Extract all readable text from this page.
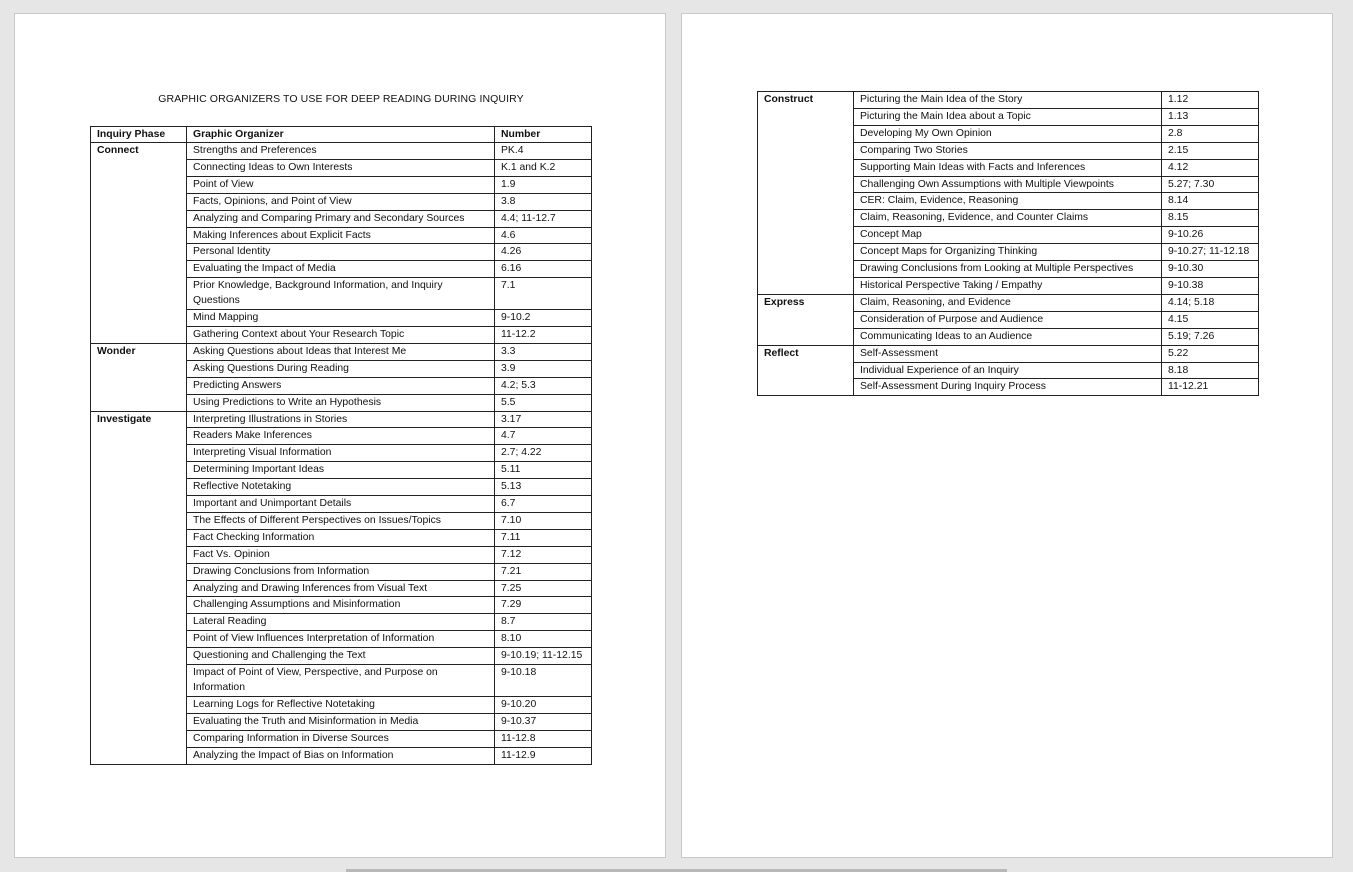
GRAPHIC ORGANIZERS TO USE FOR DEEP READING DURING INQUIRY
Inquiry Phase	Graphic Organizer	Number
Connect	Strengths and Preferences	PK.4
	Connecting Ideas to Own Interests	K.1 and K.2
	Point of View	1.9
	Facts, Opinions, and Point of View	3.8
	Analyzing and Comparing Primary and Secondary Sources	4.4; 11-12.7
	Making Inferences about Explicit Facts	4.6
	Personal Identity	4.26
	Evaluating the Impact of Media	6.16
	Prior Knowledge, Background Information, and Inquiry Questions	7.1
	Mind Mapping	9-10.2
	Gathering Context about Your Research Topic	11-12.2
Wonder	Asking Questions about Ideas that Interest Me	3.3
	Asking Questions During Reading	3.9
	Predicting Answers	4.2; 5.3
	Using Predictions to Write an Hypothesis	5.5
Investigate	Interpreting Illustrations in Stories	3.17
	Readers Make Inferences	4.7
	Interpreting Visual Information	2.7; 4.22
	Determining Important Ideas	5.11
	Reflective Notetaking	5.13
	Important and Unimportant Details	6.7
	The Effects of Different Perspectives on Issues/Topics	7.10
	Fact Checking Information	7.11
	Fact Vs. Opinion	7.12
	Drawing Conclusions from Information	7.21
	Analyzing and Drawing Inferences from Visual Text	7.25
	Challenging Assumptions and Misinformation	7.29
	Lateral Reading	8.7
	Point of View Influences Interpretation of Information	8.10
	Questioning and Challenging the Text	9-10.19; 11-12.15
	Impact of Point of View, Perspective, and Purpose on Information	9-10.18
	Learning Logs for Reflective Notetaking	9-10.20
	Evaluating the Truth and Misinformation in Media	9-10.37
	Comparing Information in Diverse Sources	11-12.8
	Analyzing the Impact of Bias on Information	11-12.9
Construct	Picturing the Main Idea of the Story	1.12
	Picturing the Main Idea about a Topic	1.13
	Developing My Own Opinion	2.8
	Comparing Two Stories	2.15
	Supporting Main Ideas with Facts and Inferences	4.12
	Challenging Own Assumptions with Multiple Viewpoints	5.27; 7.30
	CER: Claim, Evidence, Reasoning	8.14
	Claim, Reasoning, Evidence, and Counter Claims	8.15
	Concept Map	9-10.26
	Concept Maps for Organizing Thinking	9-10.27; 11-12.18
	Drawing Conclusions from Looking at Multiple Perspectives	9-10.30
	Historical Perspective Taking / Empathy	9-10.38
Express	Claim, Reasoning, and Evidence	4.14; 5.18
	Consideration of Purpose and Audience	4.15
	Communicating Ideas to an Audience	5.19; 7.26
Reflect	Self-Assessment	5.22
	Individual Experience of an Inquiry	8.18
	Self-Assessment During Inquiry Process	11-12.21
